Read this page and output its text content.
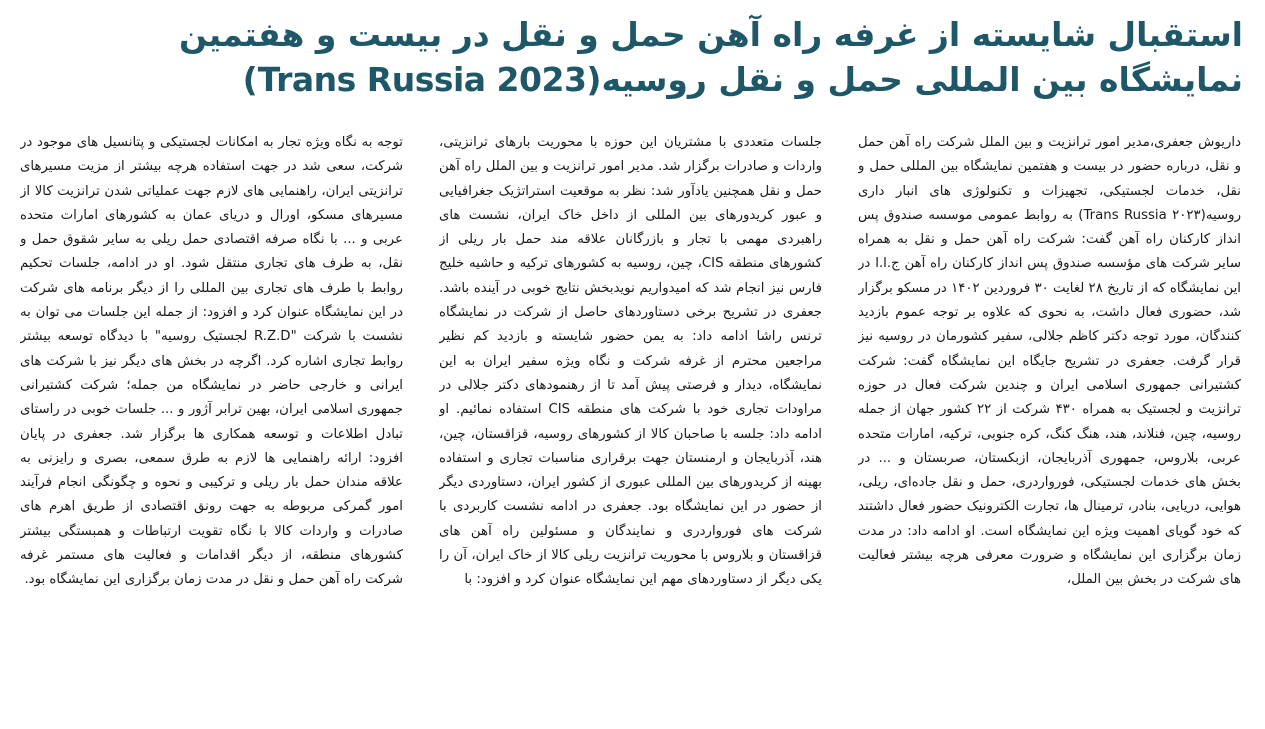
استقبال شایسته از غرفه راه آهن حمل و نقل در بیست و هفتمین
نمایشگاه بین المللی حمل و نقل روسیه(Trans Russia 2023)

داریوش جعفری،مدیر امور ترانزیت و بین الملل شرکت راه آهن حمل و نقل، درباره حضور در بیست و هفتمین نمایشگاه بین المللی حمل و نقل، خدمات لجستیکی، تجهیزات و تکنولوژی های انبار داری روسیه(Trans Russia ۲۰۲۳) به روابط عمومی موسسه صندوق پس انداز کارکنان راه آهن گفت: شرکت راه آهن حمل و نقل به همراه سایر شرکت های مؤسسه صندوق پس انداز کارکنان راه آهن ج.ا.ا در این نمایشگاه که از تاریخ ۲۸ لغایت ۳۰ فروردین ۱۴۰۲ در مسکو برگزار شد، حضوری فعال داشت، به نحوی که علاوه بر توجه عموم بازدید کنندگان، مورد توجه دکتر کاظم جلالی، سفیر کشورمان در روسیه نیز قرار گرفت. جعفری در تشریح جایگاه این نمایشگاه گفت: شرکت کشتیرانی جمهوری اسلامی ایران و چندین شرکت فعال در حوزه ترانزیت و لجستیک به همراه ۴۳۰ شرکت از ۲۲ کشور جهان از جمله روسیه، چین، فنلاند، هند، هنگ کنگ، کره جنوبی، ترکیه، امارات متحده عربی، بلاروس، جمهوری آذربایجان، ازبکستان، صربستان و ... در بخش های خدمات لجستیکی، فورواردری، حمل و نقل جاده‌ای، ریلی، هوایی، دریایی، بنادر، ترمینال ها، تجارت الکترونیک حضور فعال داشتند که خود گویای اهمیت ویژه این نمایشگاه است. او ادامه داد: در مدت زمان برگزاری این نمایشگاه و ضرورت معرفی هرچه بیشتر فعالیت های شرکت در بخش بین الملل،

جلسات متعددی با مشتریان این حوزه با محوریت بارهای ترانزیتی، واردات و صادرات برگزار شد. مدیر امور ترانزیت و بین الملل راه آهن حمل و نقل همچنین یادآور شد: نظر به موقعیت استراتژیک جغرافیایی و عبور کریدورهای بین المللی از داخل خاک ایران، نشست های راهبردی مهمی با تجار و بازرگانان علاقه مند حمل بار ریلی از کشورهای منطقه CIS، چین، روسیه به کشورهای ترکیه و حاشیه خلیج فارس نیز انجام شد که امیدواریم نویدبخش نتایج خوبی در آینده باشد. جعفری در تشریح برخی دستاوردهای حاصل از شرکت در نمایشگاه ترنس راشا ادامه داد: به یمن حضور شایسته و بازدید کم نظیر مراجعین محترم از غرفه شرکت و نگاه ویژه سفیر ایران به این نمایشگاه، دیدار و فرصتی پیش آمد تا از رهنمودهای دکتر جلالی در مراودات تجاری خود با شرکت های منطقه CIS استفاده نمائیم. او ادامه داد: جلسه با صاحبان کالا از کشورهای روسیه، قزاقستان، چین، هند، آذربایجان و ارمنستان جهت برقراری مناسبات تجاری و استفاده بهینه از کریدورهای بین المللی عبوری از کشور ایران، دستاوردی دیگر از حضور در این نمایشگاه بود. جعفری در ادامه نشست کاربردی با شرکت های فورواردری و نمایندگان و مسئولین راه آهن های قزاقستان و بلاروس با محوریت ترانزیت ریلی کالا از خاک ایران، آن را یکی دیگر از دستاوردهای مهم این نمایشگاه عنوان کرد و افزود: با

توجه به نگاه ویژه تجار به امکانات لجستیکی و پتانسیل های موجود در شرکت، سعی شد در جهت استفاده هرچه بیشتر از مزیت مسیرهای ترانزیتی ایران، راهنمایی های لازم جهت عملیاتی شدن ترانزیت کالا از مسیرهای مسکو، اورال و دریای عمان به کشورهای امارات متحده عربی و ... با نگاه صرفه اقتصادی حمل ریلی به سایر شقوق حمل و نقل، به طرف های تجاری منتقل شود. او در ادامه، جلسات تحکیم روابط با طرف های تجاری بین المللی را از دیگر برنامه های شرکت در این نمایشگاه عنوان کرد و افزود: از جمله این جلسات می توان به نشست با شرکت "R.Z.D لجستیک روسیه" با دیدگاه توسعه بیشتر روابط تجاری اشاره کرد. اگرچه در بخش های دیگر نیز با شرکت های ایرانی و خارجی حاضر در نمایشگاه من جمله؛ شرکت کشتیرانی جمهوری اسلامی ایران، بهین ترابر آژور و ... جلسات خوبی در راستای تبادل اطلاعات و توسعه همکاری ها برگزار شد. جعفری در پایان افزود: ارائه راهنمایی ها لازم به طرق سمعی، بصری و رایزنی به علاقه مندان حمل بار ریلی و ترکیبی و نحوه و چگونگی انجام فرآیند امور گمرکی مربوطه به جهت رونق اقتصادی از طریق اهرم های صادرات و واردات کالا با نگاه تقویت ارتباطات و همبستگی بیشتر کشورهای منطقه، از دیگر اقدامات و فعالیت های مستمر غرفه شرکت راه آهن حمل و نقل در مدت زمان برگزاری این نمایشگاه بود.
